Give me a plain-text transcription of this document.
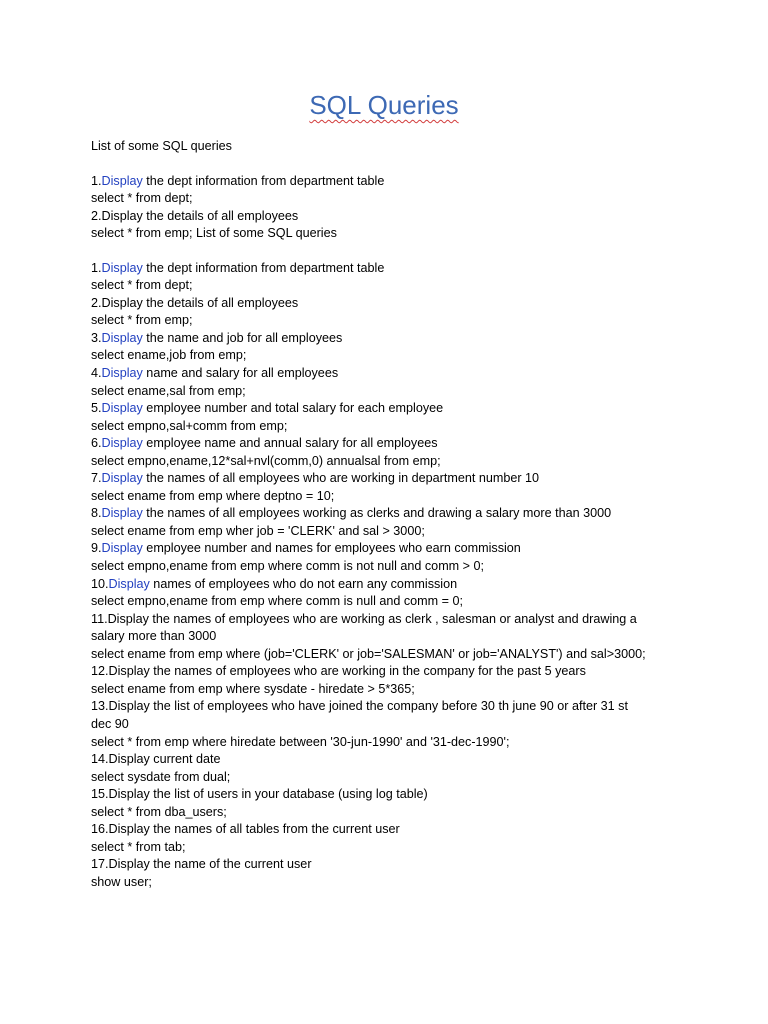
SQL Queries
List of some SQL queries
1.Display the dept information from department table
select * from dept;
2.Display the details of all employees
select * from emp; List of some SQL queries
1.Display the dept information from department table
select * from dept;
2.Display the details of all employees
select * from emp;
3.Display the name and job for all employees
select ename,job from emp;
4.Display name and salary for all employees
select ename,sal from emp;
5.Display employee number and total salary for each employee
select empno,sal+comm from emp;
6.Display employee name and annual salary for all employees
select empno,ename,12*sal+nvl(comm,0) annualsal from emp;
7.Display the names of all employees who are working in department number 10
select ename from emp where deptno = 10;
8.Display the names of all employees working as clerks and drawing a salary more than 3000
select ename from emp wher job = 'CLERK' and sal > 3000;
9.Display employee number and names for employees who earn commission
select empno,ename from emp where comm is not null and comm > 0;
10.Display names of employees who do not earn any commission
select empno,ename from emp where comm is null and comm = 0;
11.Display the names of employees who are working as clerk , salesman or analyst and drawing a
salary more than 3000
select ename from emp where (job='CLERK' or job='SALESMAN' or job='ANALYST') and sal>3000;
12.Display the names of employees who are working in the company for the past 5 years
select ename from emp where sysdate - hiredate > 5*365;
13.Display the list of employees who have joined the company before 30 th june 90 or after 31 st
dec 90
select * from emp where hiredate between '30-jun-1990' and '31-dec-1990';
14.Display current date
select sysdate from dual;
15.Display the list of users in your database (using log table)
select * from dba_users;
16.Display the names of all tables from the current user
select * from tab;
17.Display the name of the current user
show user;
